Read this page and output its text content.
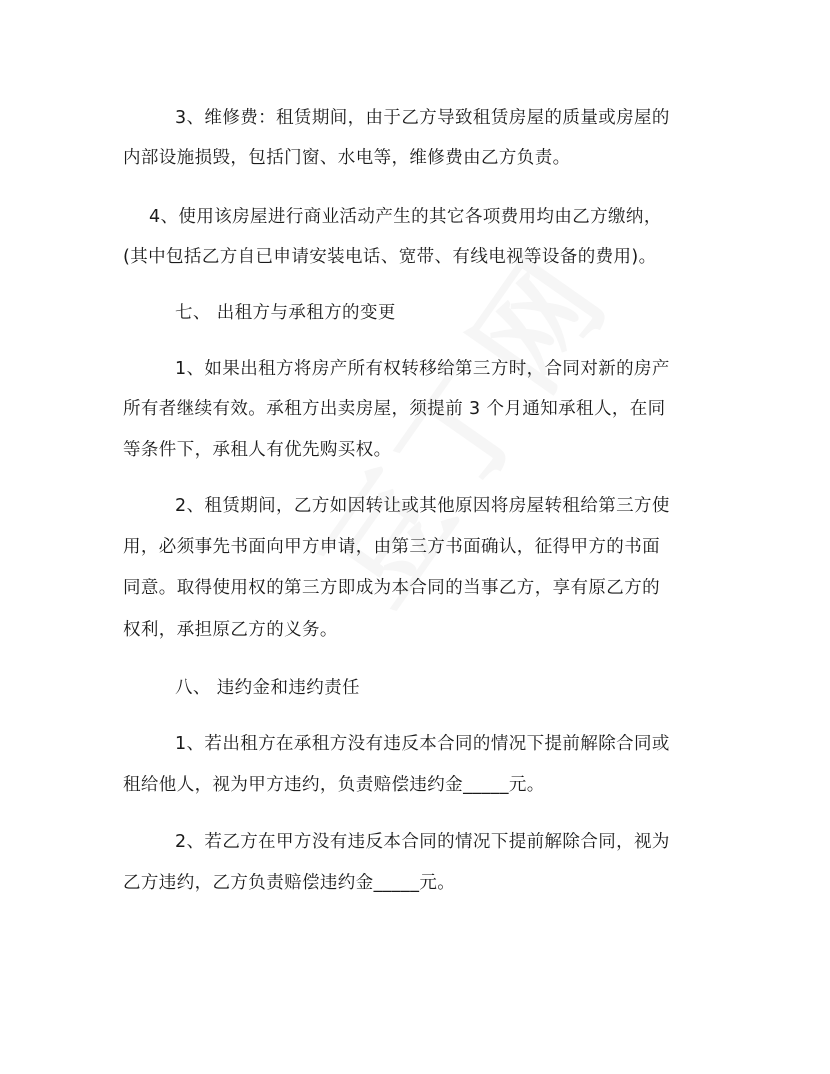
3、维修费：租赁期间，由于乙方导致租赁房屋的质量或房屋的
内部设施损毁，包括门窗、水电等，维修费由乙方负责。
4、使用该房屋进行商业活动产生的其它各项费用均由乙方缴纳，
(其中包括乙方自已申请安装电话、宽带、有线电视等设备的费用)。
七、 出租方与承租方的变更
1、如果出租方将房产所有权转移给第三方时，合同对新的房产
所有者继续有效。承租方出卖房屋，须提前 3 个月通知承租人，在同
等条件下，承租人有优先购买权。
2、租赁期间，乙方如因转让或其他原因将房屋转租给第三方使
用，必须事先书面向甲方申请，由第三方书面确认，征得甲方的书面
同意。取得使用权的第三方即成为本合同的当事乙方，享有原乙方的
权利，承担原乙方的义务。
八、 违约金和违约责任
1、若出租方在承租方没有违反本合同的情况下提前解除合同或
租给他人，视为甲方违约，负责赔偿违约金_____元。
2、若乙方在甲方没有违反本合同的情况下提前解除合同，视为
乙方违约，乙方负责赔偿违约金_____元。
